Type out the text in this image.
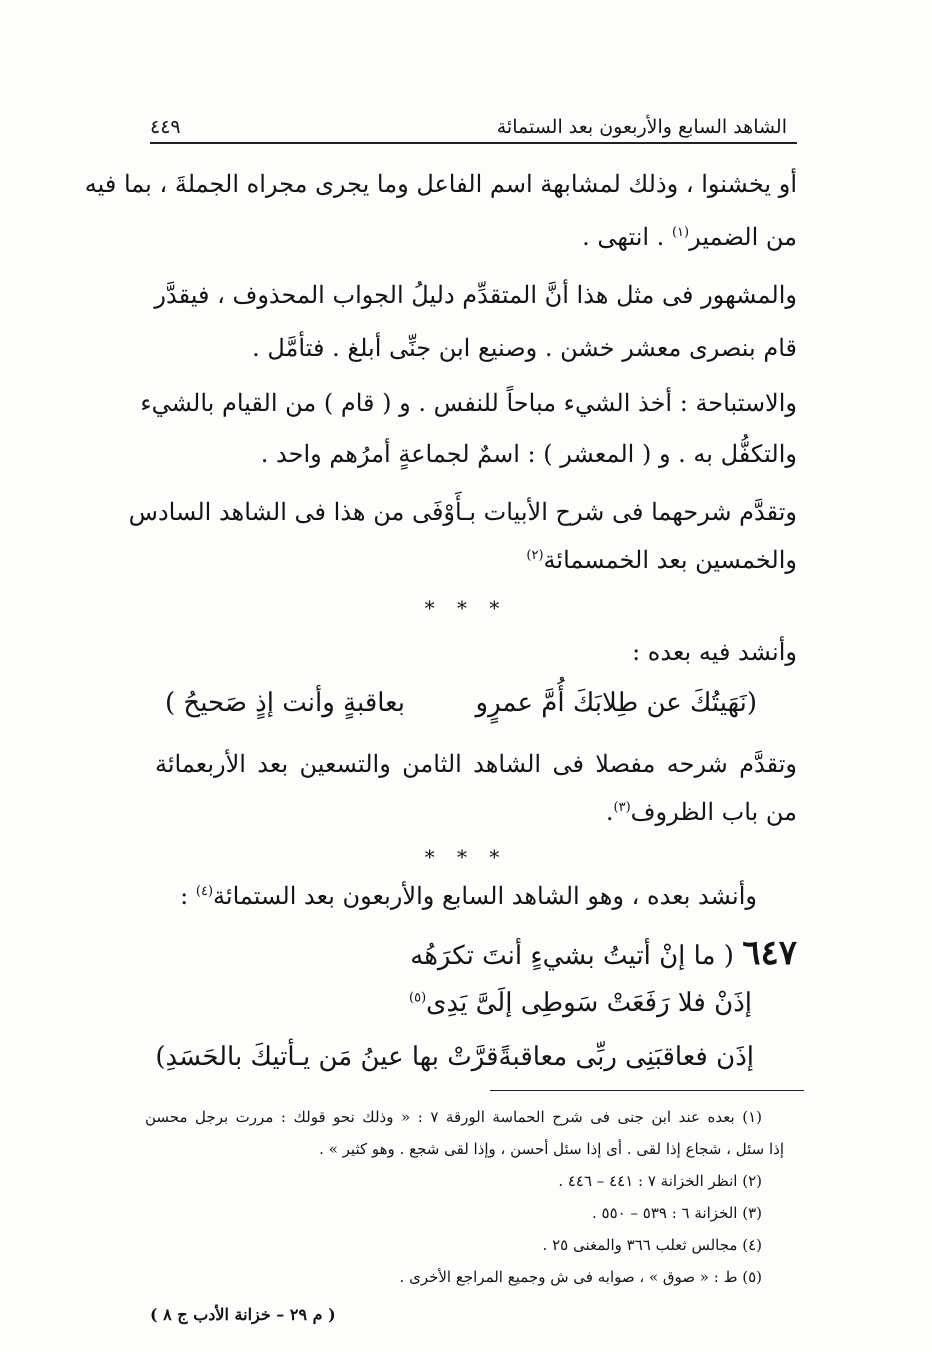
الشاهد السابع والأربعون بعد الستمائة
٤٤٩
أو يخشنوا ، وذلك لمشابهة اسم الفاعل وما يجرى مجراه الجملةَ ، بما فيه
من الضمير$^{(١)}$ . انتهى .
والمشهور فى مثل هذا أنَّ المتقدِّم دليلُ الجواب المحذوف ، فيقدَّر
قام بنصرى معشر خشن . وصنيع ابن جنِّى أبلغ . فتأمَّل .
والاستباحة : أخذ الشيء مباحاً للنفس . و ( قام ) من القيام بالشيء
والتكفُّل به . و ( المعشر ) : اسمٌ لجماعةٍ أمرُهم واحد .
وتقدَّم شرحهما فى شرح الأبيات بـأَوْفَى من هذا فى الشاهد السادس
والخمسين بعد الخمسمائة$^{(٢)}$
* * *
وأنشد فيه بعده :
(نَهَيتُكَ عن طِلابَكَ أُمَّ عمرٍو
بعاقبةٍ وأنت إذٍ صَحيحُ )
وتقدَّم شرحه مفصلا فى الشاهد الثامن والتسعين بعد الأربعمائة
من باب الظروف$^{(٣)}$.
* * *
وأنشد بعده ، وهو الشاهد السابع والأربعون بعد الستمائة$^{(٤)}$ :
٦٤٧ ( ما إنْ أتيتُ بشيءٍ أنتَ تكرَهُه
إذَنْ فلا رَفَعَتْ سَوطِى إلَىَّ يَدِى$^{(٥)}$
إذَن فعاقبَنِى ربِّى معاقبةً
قرَّتْ بها عينُ مَن يـأتيكَ بالحَسَدِ)
(١) بعده عند ابن جنى فى شرح الحماسة الورقة ٧ : « وذلك نحو قولك : مررت برجل محسن
إذا سئل ، شجاع إذا لقى . أى إذا سئل أحسن ، وإذا لقى شجع . وهو كثير » .
(٢) انظر الخزانة ٧ : ٤٤١ – ٤٤٦ .
(٣) الخزانة ٦ : ٥٣٩ – ٥٥٠ .
(٤) مجالس ثعلب ٣٦٦ والمغنى ٢٥ .
(٥) ط : « صوق » ، صوابه فى ش وجميع المراجع الأخرى .
( م ٢٩ – خزانة الأدب ج ٨ )
